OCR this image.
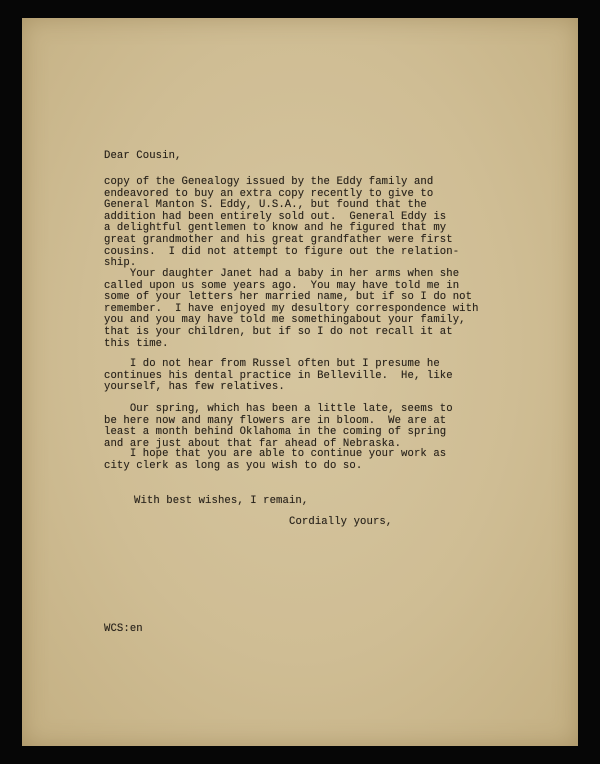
Dear Cousin,
copy of the Genealogy issued by the Eddy family and
endeavored to buy an extra copy recently to give to
General Manton S. Eddy, U.S.A., but found that the
addition had been entirely sold out.  General Eddy is
a delightful gentlemen to know and he figured that my
great grandmother and his great grandfather were first
cousins.  I did not attempt to figure out the relation-
ship.
Your daughter Janet had a baby in her arms when she
called upon us some years ago.  You may have told me in
some of your letters her married name, but if so I do not
remember.  I have enjoyed my desultory correspondence with
you and you may have told me somethingabout your family,
that is your children, but if so I do not recall it at
this time.
I do not hear from Russel often but I presume he
continues his dental practice in Belleville.  He, like
yourself, has few relatives.
Our spring, which has been a little late, seems to
be here now and many flowers are in bloom.  We are at
least a month behind Oklahoma in the coming of spring
and are just about that far ahead of Nebraska.
I hope that you are able to continue your work as
city clerk as long as you wish to do so.
With best wishes, I remain,
Cordially yours,
WCS:en
